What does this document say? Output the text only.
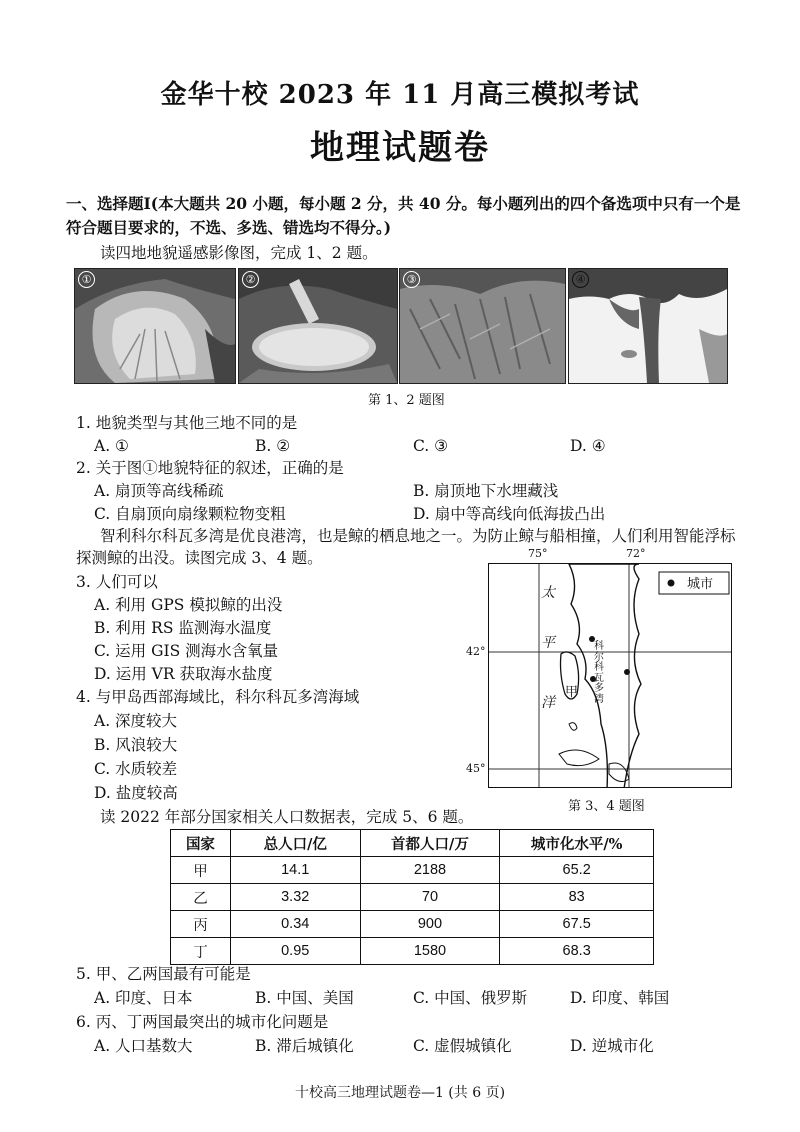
金华十校 2023 年 11 月高三模拟考试
地理试题卷
一、选择题Ⅰ(本大题共 20 小题，每小题 2 分，共 40 分。每小题列出的四个备选项中只有一个是符合题目要求的，不选、多选、错选均不得分。)
读四地地貌遥感影像图，完成 1、2 题。
①	②	③	④
第 1、2 题图
1. 地貌类型与其他三地不同的是
A. ①	B. ②	C. ③	D. ④
2. 关于图①地貌特征的叙述，正确的是
A. 扇顶等高线稀疏	B. 扇顶地下水埋藏浅
C. 自扇顶向扇缘颗粒物变粗	D. 扇中等高线向低海拔凸出
智利科尔科瓦多湾是优良港湾，也是鲸的栖息地之一。为防止鲸与船相撞，人们利用智能浮标探测鲸的出没。读图完成 3、4 题。
3. 人们可以
A. 利用 GPS 模拟鲸的出没
B. 利用 RS 监测海水温度
C. 运用 GIS 测海水含氧量
D. 运用 VR 获取海水盐度
4. 与甲岛西部海域比，科尔科瓦多湾海域
A. 深度较大
B. 风浪较大
C. 水质较差
D. 盐度较高
75°	72°
42°
45°
城市
太
平
洋
科尔科瓦多湾
甲
第 3、4 题图
读 2022 年部分国家相关人口数据表，完成 5、6 题。
国家	总人口/亿	首都人口/万	城市化水平/%
甲	14.1	2188	65.2
乙	3.32	70	83
丙	0.34	900	67.5
丁	0.95	1580	68.3
5. 甲、乙两国最有可能是
A. 印度、日本	B. 中国、美国	C. 中国、俄罗斯	D. 印度、韩国
6. 丙、丁两国最突出的城市化问题是
A. 人口基数大	B. 滞后城镇化	C. 虚假城镇化	D. 逆城市化
十校高三地理试题卷—1 (共 6 页)
